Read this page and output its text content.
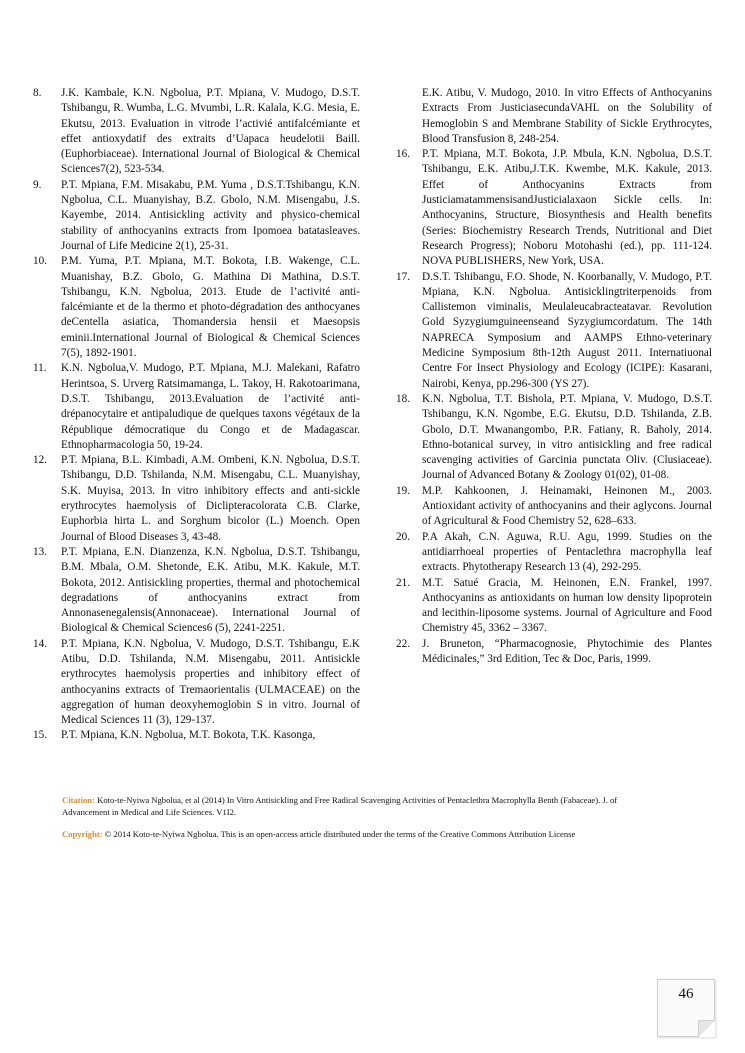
8.	J.K. Kambale, K.N. Ngbolua, P.T. Mpiana, V. Mudogo, D.S.T. Tshibangu, R. Wumba, L.G. Mvumbi, L.R. Kalala, K.G. Mesia, E. Ekutsu, 2013. Evaluation in vitrode l’activié antifalcémiante et effet antioxydatif des extraits d’Uapaca heudelotii Baill. (Euphorbiaceae). International Journal of Biological & Chemical Sciences7(2), 523-534.
9.	P.T. Mpiana, F.M. Misakabu, P.M. Yuma , D.S.T.Tshibangu, K.N. Ngbolua, C.L. Muanyishay, B.Z. Gbolo, N.M. Misengabu, J.S. Kayembe, 2014. Antisickling activity and physico-chemical stability of anthocyanins extracts from Ipomoea batatasleaves. Journal of Life Medicine 2(1), 25-31.
10.	P.M. Yuma, P.T. Mpiana, M.T. Bokota, I.B. Wakenge, C.L. Muanishay, B.Z. Gbolo, G. Mathina Di Mathina, D.S.T. Tshibangu, K.N. Ngbolua, 2013. Etude de l’activité anti-falcémiante et de la thermo et photo-dégradation des anthocyanes deCentella asiatica, Thomandersia hensii et Maesopsis eminii.International Journal of Biological & Chemical Sciences 7(5), 1892-1901.
11.	K.N. Ngbolua,V. Mudogo, P.T. Mpiana, M.J. Malekani, Rafatro Herintsoa, S. Urverg Ratsimamanga, L. Takoy, H. Rakotoarimana, D.S.T. Tshibangu, 2013.Evaluation de l’activité anti-drépanocytaire et antipaludique de quelques taxons végétaux de la République démocratique du Congo et de Madagascar. Ethnopharmacologia 50, 19-24.
12.	P.T. Mpiana, B.L. Kimbadi, A.M. Ombeni, K.N. Ngbolua, D.S.T. Tshibangu, D.D. Tshilanda, N.M. Misengabu, C.L. Muanyishay, S.K. Muyisa, 2013. In vitro inhibitory effects and anti-sickle erythrocytes haemolysis of Diclipteracolorata C.B. Clarke, Euphorbia hirta L. and Sorghum bicolor (L.) Moench. Open Journal of Blood Diseases 3, 43-48.
13.	P.T. Mpiana, E.N. Dianzenza, K.N. Ngbolua, D.S.T. Tshibangu, B.M. Mbala, O.M. Shetonde, E.K. Atibu, M.K. Kakule, M.T. Bokota, 2012. Antisickling properties, thermal and photochemical degradations of anthocyanins extract from Annonasenegalensis(Annonaceae). International Journal of Biological & Chemical Sciences6 (5), 2241-2251.
14.	P.T. Mpiana, K.N. Ngbolua, V. Mudogo, D.S.T. Tshibangu, E.K Atibu, D.D. Tshilanda, N.M. Misengabu, 2011. Antisickle erythrocytes haemolysis properties and inhibitory effect of anthocyanins extracts of Tremaorientalis (ULMACEAE) on the aggregation of human deoxyhemoglobin S in vitro. Journal of Medical Sciences 11 (3), 129-137.
15.	P.T. Mpiana, K.N. Ngbolua, M.T. Bokota, T.K. Kasonga,
E.K. Atibu, V. Mudogo, 2010. In vitro Effects of Anthocyanins Extracts From JusticiasecundaVAHL on the Solubility of Hemoglobin S and Membrane Stability of Sickle Erythrocytes, Blood Transfusion 8, 248-254.
16.	P.T. Mpiana, M.T. Bokota, J.P. Mbula, K.N. Ngbolua, D.S.T. Tshibangu, E.K. Atibu,J.T.K. Kwembe, M.K. Kakule, 2013. Effet of Anthocyanins Extracts from JusticiamatammensisandJusticialaxaon Sickle cells. In: Anthocyanins, Structure, Biosynthesis and Health benefits (Series: Biochemistry Research Trends, Nutritional and Diet Research Progress); Noboru Motohashi (ed.), pp. 111-124. NOVA PUBLISHERS, New York, USA.
17.	D.S.T. Tshibangu, F.O. Shode, N. Koorbanally, V. Mudogo, P.T. Mpiana, K.N. Ngbolua. Antisicklingtriterpenoids from Callistemon viminalis, Meulaleucabracteatavar. Revolution Gold Syzygiumguineenseand Syzygiumcordatum. The 14th NAPRECA Symposium and AAMPS Ethno-veterinary Medicine Symposium 8th-12th August 2011. Internatiuonal Centre For Insect Physiology and Ecology (ICIPE): Kasarani, Nairobi, Kenya, pp.296-300 (YS 27).
18.	K.N. Ngbolua, T.T. Bishola, P.T. Mpiana, V. Mudogo, D.S.T. Tshibangu, K.N. Ngombe, E.G. Ekutsu, D.D. Tshilanda, Z.B. Gbolo, D.T. Mwanangombo, P.R. Fatiany, R. Baholy, 2014. Ethno-botanical survey, in vitro antisickling and free radical scavenging activities of Garcinia punctata Oliv. (Clusiaceae). Journal of Advanced Botany & Zoology 01(02), 01-08.
19.	M.P. Kahkoonen, J. Heinamaki, Heinonen M., 2003. Antioxidant activity of anthocyanins and their aglycons. Journal of Agricultural & Food Chemistry 52, 628–633.
20.	P.A Akah, C.N. Aguwa, R.U. Agu, 1999. Studies on the antidiarrhoeal properties of Pentaclethra macrophylla leaf extracts. Phytotherapy Research 13 (4), 292-295.
21.	M.T. Satué Gracia, M. Heinonen, E.N. Frankel, 1997. Anthocyanins as antioxidants on human low density lipoprotein and lecithin-liposome systems. Journal of Agriculture and Food Chemistry 45, 3362 – 3367.
22.	J. Bruneton, “Pharmacognosie, Phytochimie des Plantes Médicinales,” 3rd Edition, Tec & Doc, Paris, 1999.

Citation: Koto-te-Nyiwa Ngbolua, et al (2014) In Vitro Antisickling and Free Radical Scavenging Activities of Pentaclethra Macrophylla Benth (Fabaceae). J. of Advancement in Medical and Life Sciences. V1I2.

Copyright: © 2014 Koto-te-Nyiwa Ngbolua. This is an open-access article distributed under the terms of the Creative Commons Attribution License

46
